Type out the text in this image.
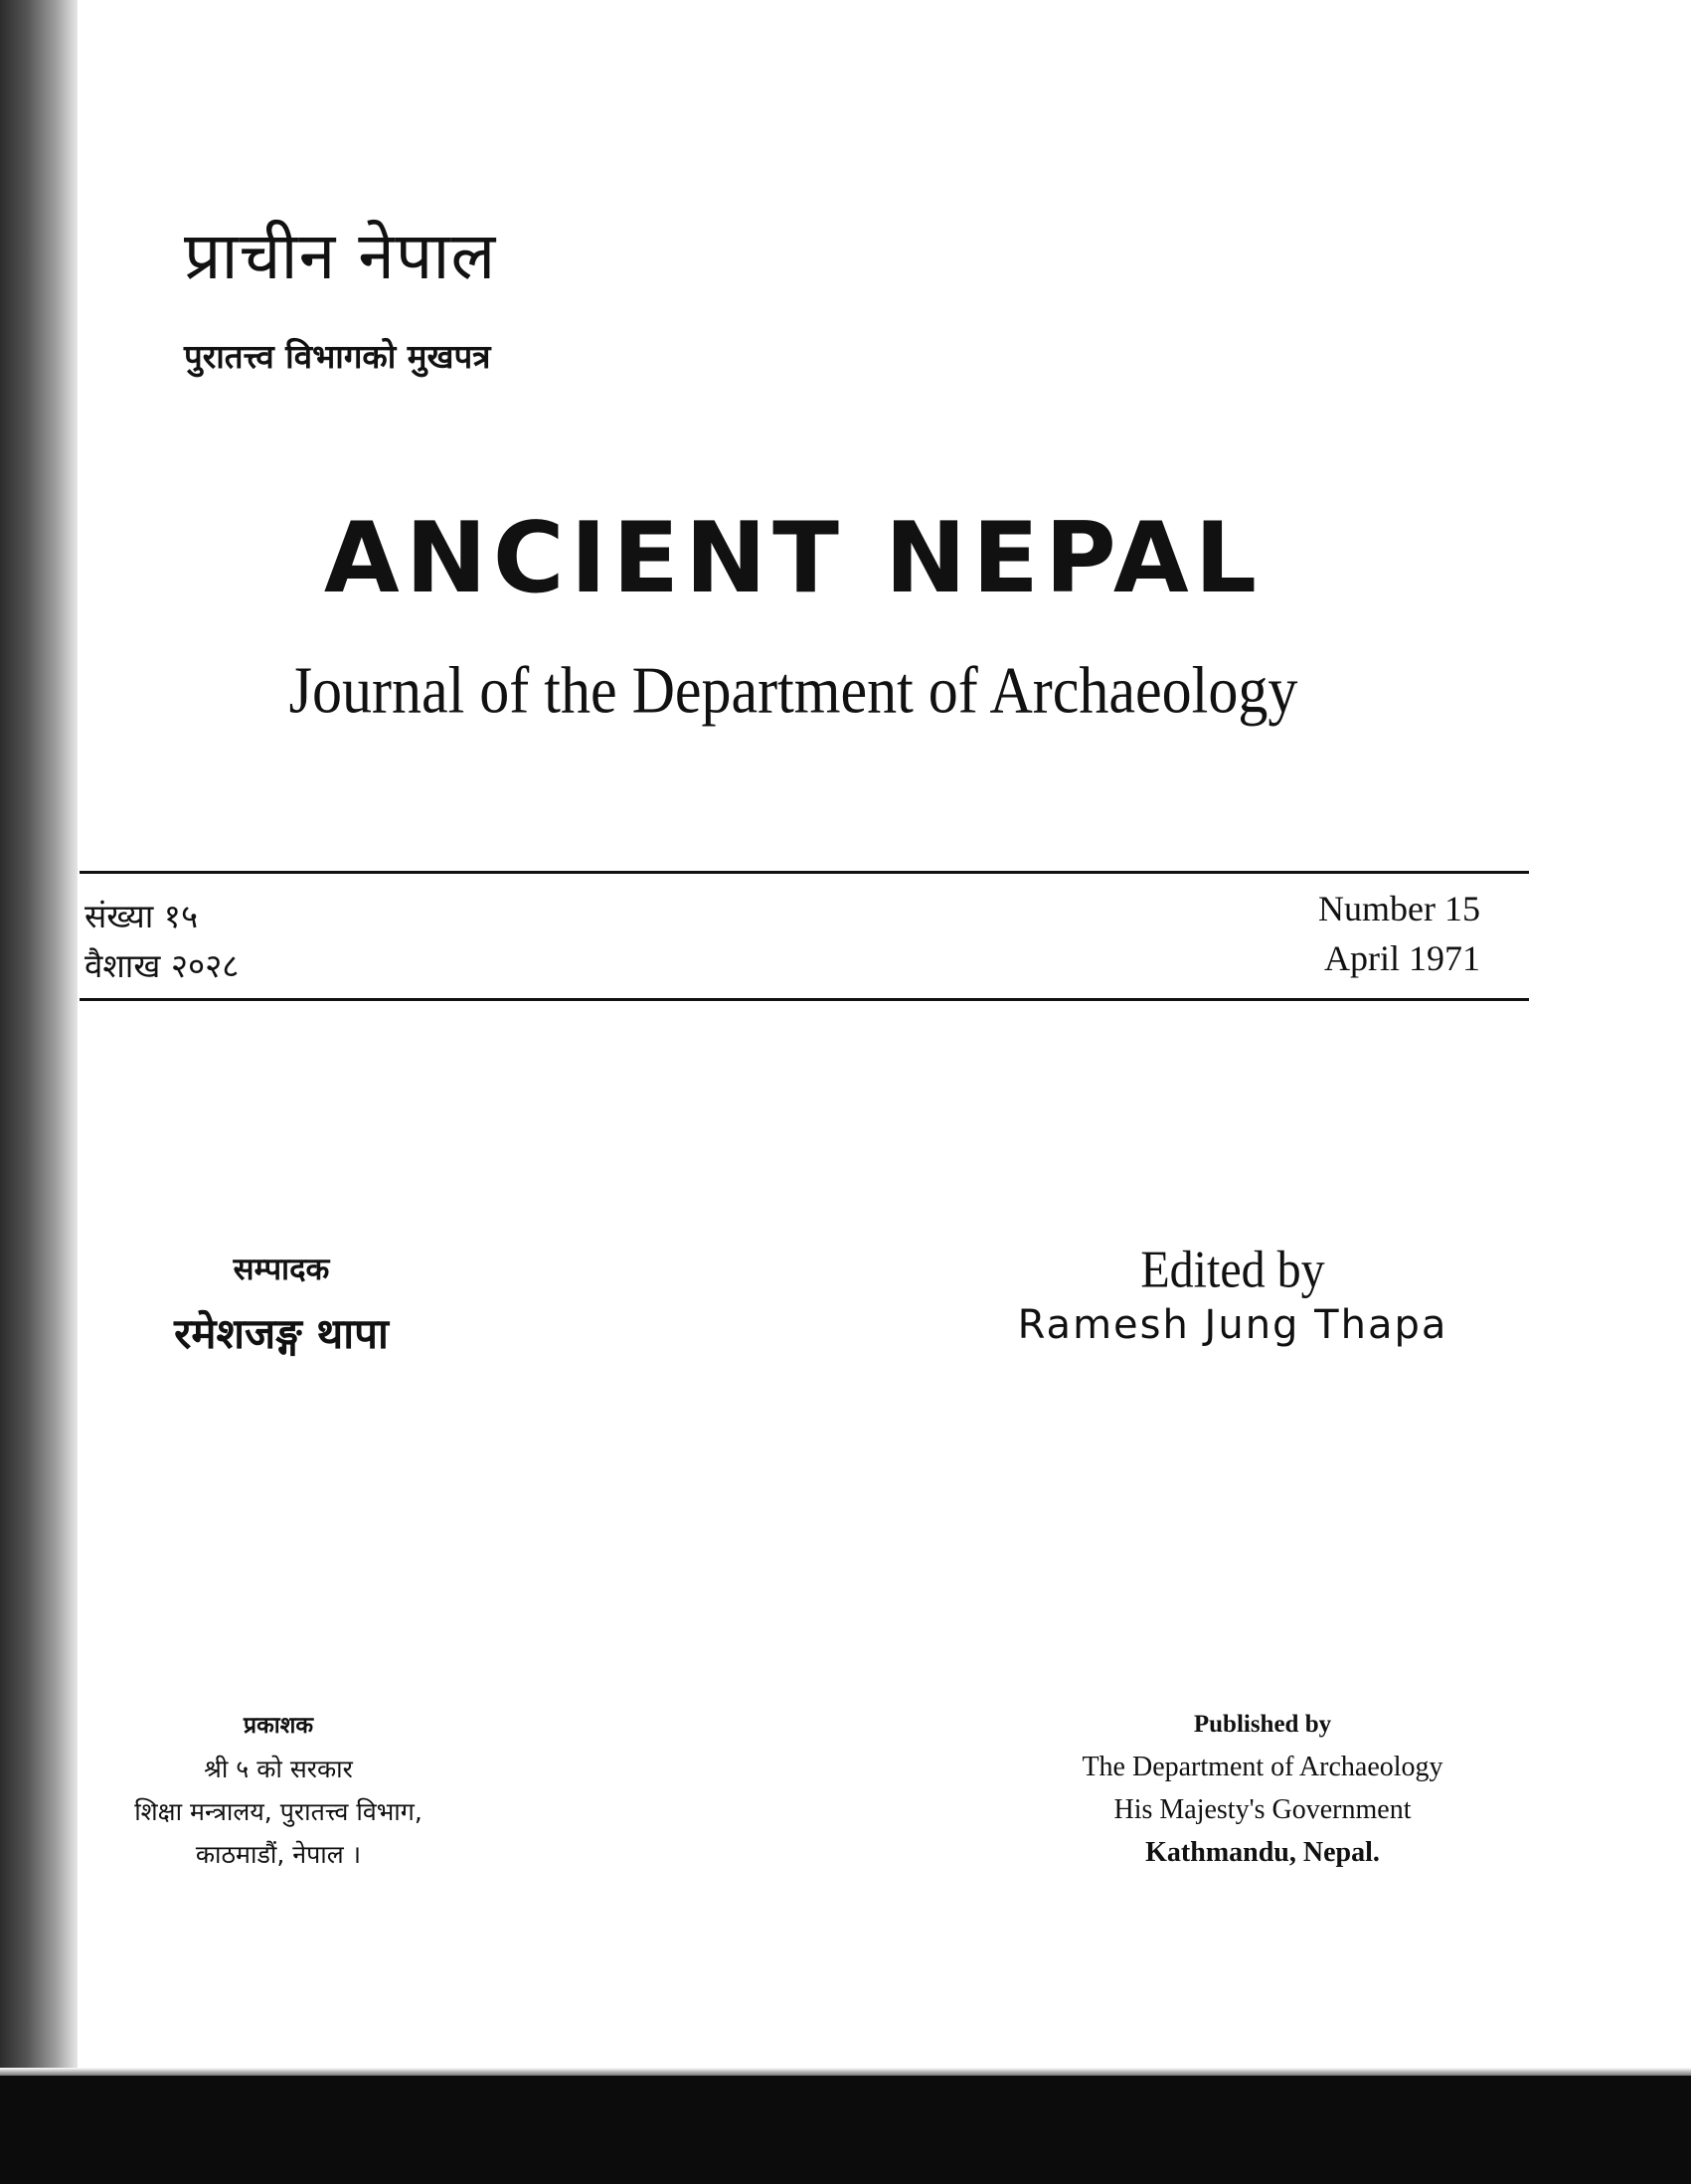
प्राचीन नेपाल
पुरातत्त्व विभागको मुखपत्र
ANCIENT NEPAL
Journal of the Department of Archaeology
संख्या १५
वैशाख २०२८
Number 15
April 1971
सम्पादक
रमेशजङ्ग थापा
Edited by
Ramesh Jung Thapa
प्रकाशक
श्री ५ को सरकार
शिक्षा मन्त्रालय, पुरातत्त्व विभाग,
काठमाडौं, नेपाल ।
Published by
The Department of Archaeology
His Majesty's Government
Kathmandu, Nepal.
